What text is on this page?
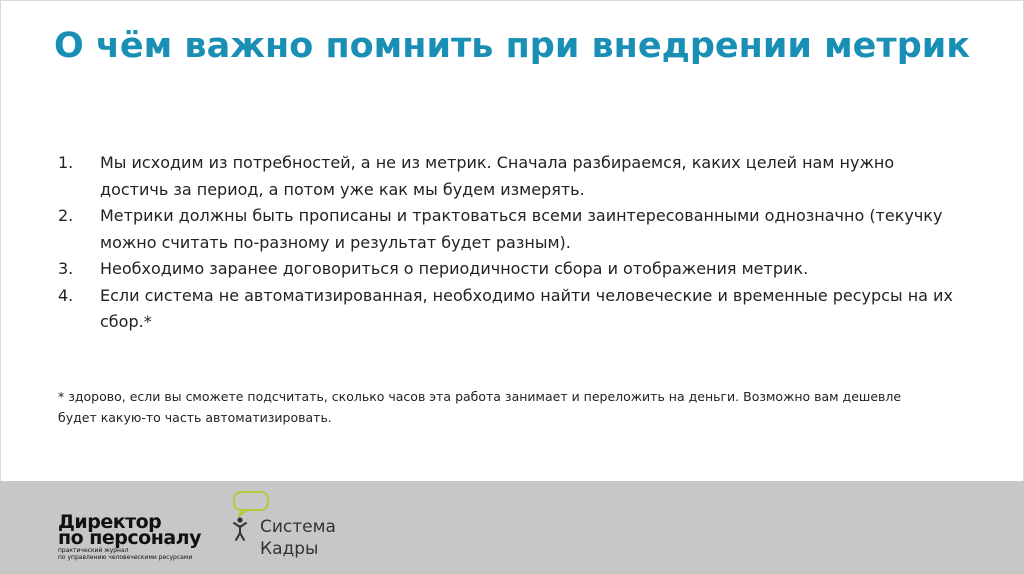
О чём важно помнить при внедрении метрик
1. Мы исходим из потребностей, а не из метрик. Сначала разбираемся, каких целей нам нужно достичь за период, а потом уже как мы будем измерять.
2. Метрики должны быть прописаны и трактоваться всеми заинтересованными однозначно (текучку можно считать по-разному и результат будет разным).
3. Необходимо заранее договориться о периодичности сбора и отображения метрик.
4. Если система не автоматизированная, необходимо найти человеческие и временные ресурсы на их сбор.*
* здорово, если вы сможете подсчитать, сколько часов эта работа занимает и переложить на деньги. Возможно вам дешевле будет какую-то часть автоматизировать.
Директор
по персоналу
практический журнал
по управлению человеческими ресурсами
Система
Кадры
